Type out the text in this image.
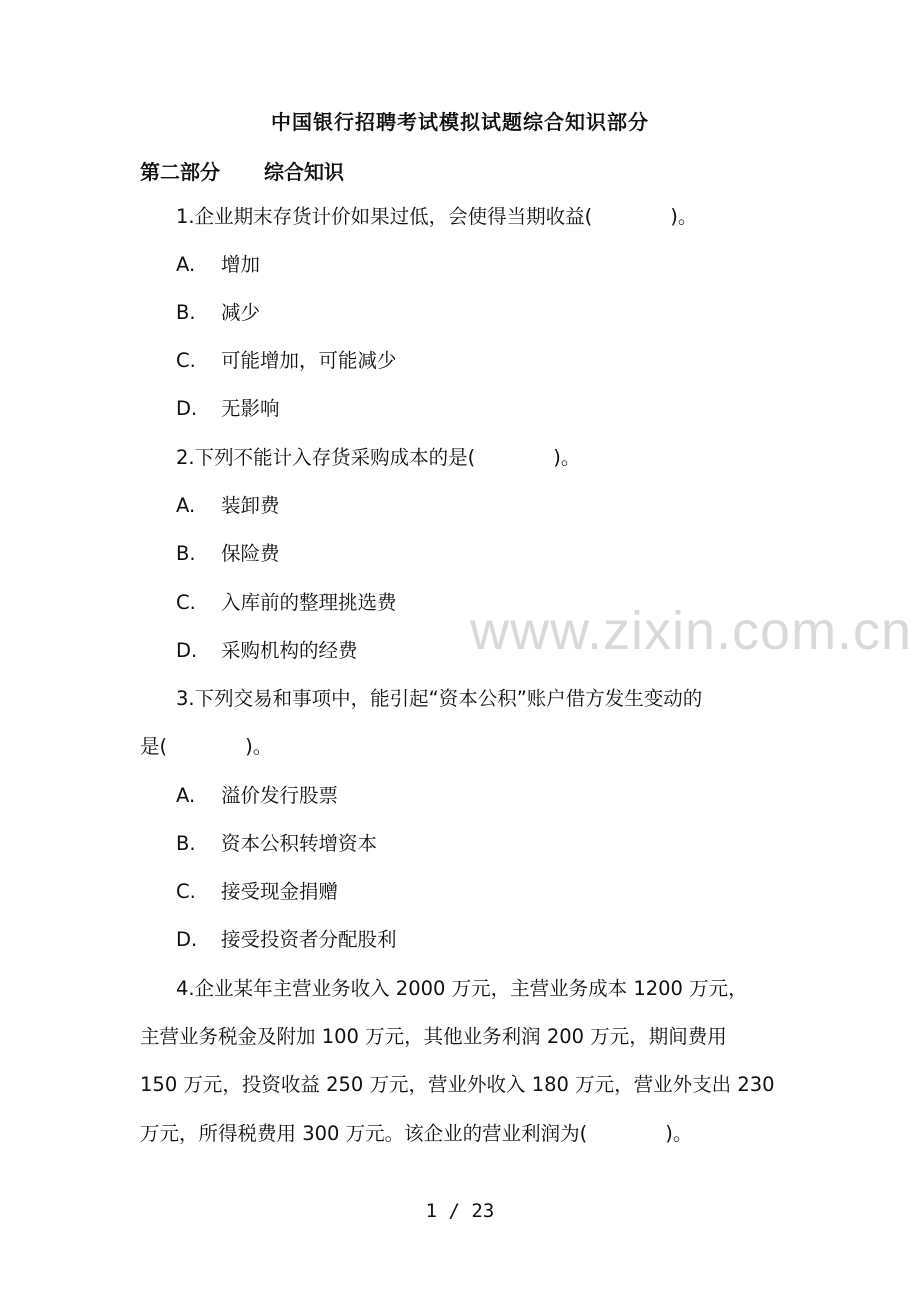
中国银行招聘考试模拟试题综合知识部分
第二部分 综合知识
1.企业期末存货计价如果过低，会使得当期收益(　　　　)。
A. 增加
B. 减少
C. 可能增加，可能减少
D. 无影响
2.下列不能计入存货采购成本的是(　　　　)。
A. 装卸费
B. 保险费
C. 入库前的整理挑选费
D. 采购机构的经费
3.下列交易和事项中，能引起“资本公积”账户借方发生变动的
是(　　　　)。
A. 溢价发行股票
B. 资本公积转增资本
C. 接受现金捐赠
D. 接受投资者分配股利
4.企业某年主营业务收入 2000 万元，主营业务成本 1200 万元，
主营业务税金及附加 100 万元，其他业务利润 200 万元，期间费用
150 万元，投资收益 250 万元，营业外收入 180 万元，营业外支出 230
万元，所得税费用 300 万元。该企业的营业利润为(　　　　)。
www.zixin.com.cn
1 / 23
